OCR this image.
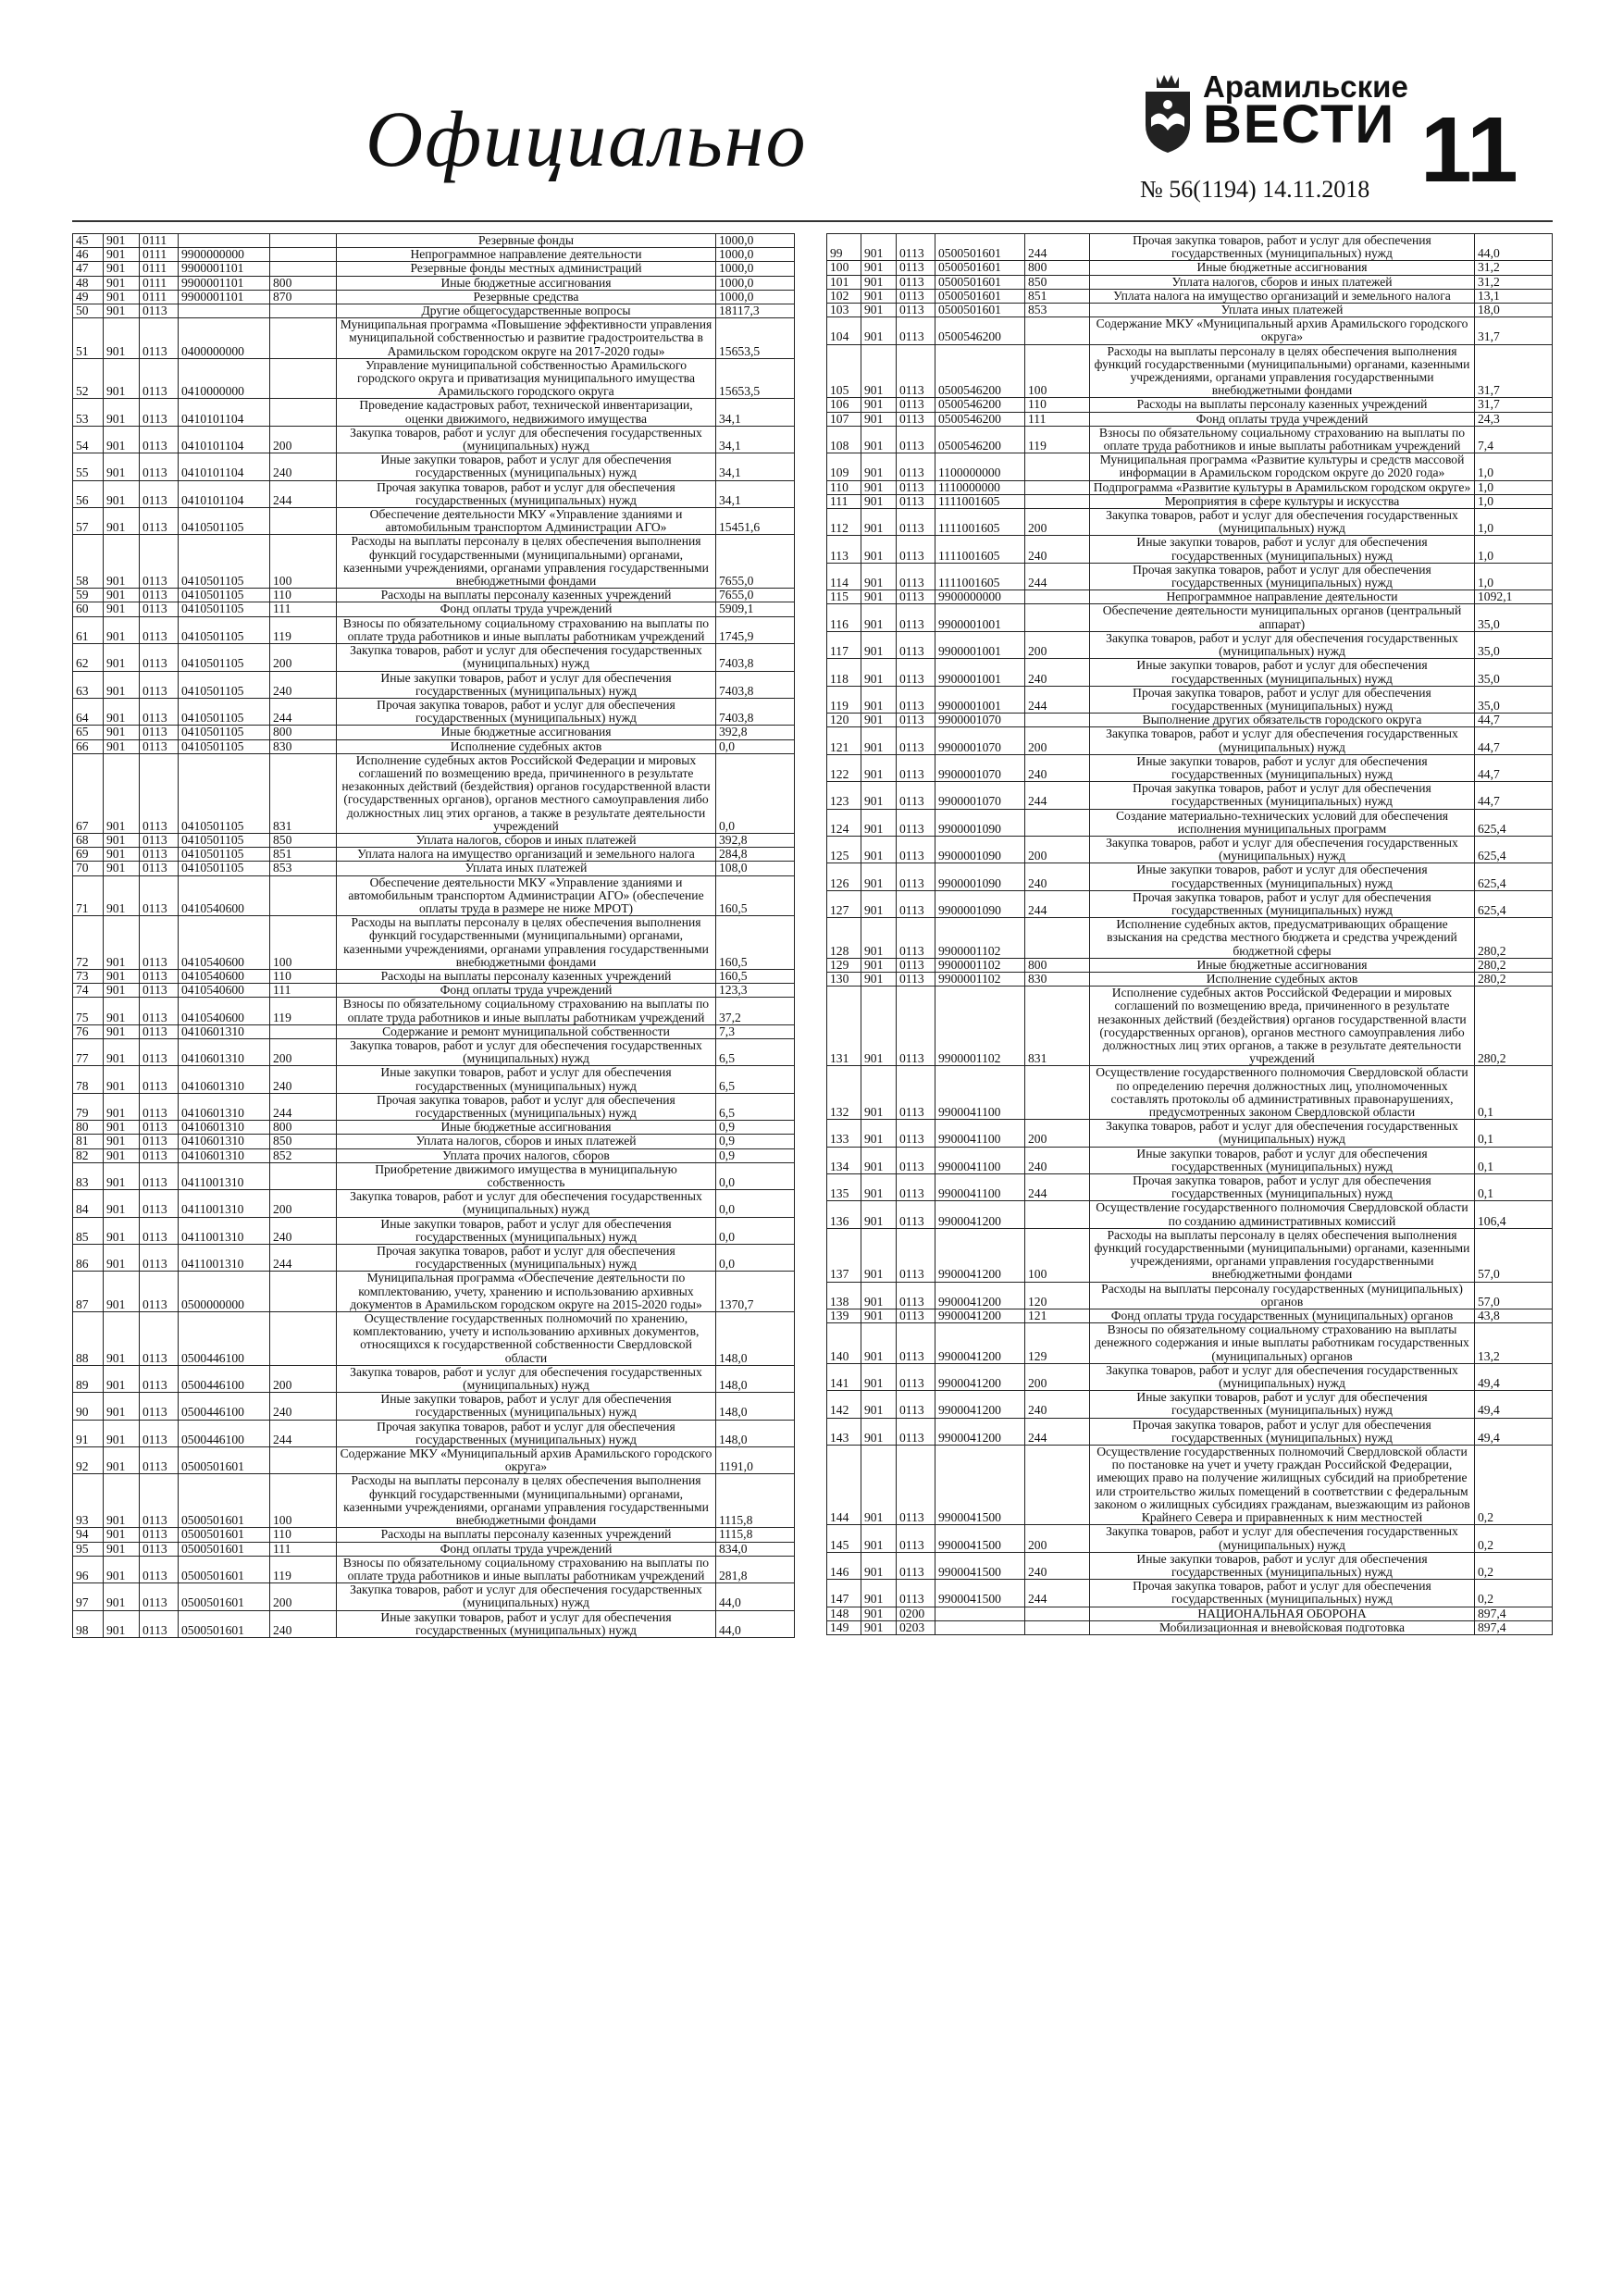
Официально
Арамильские
ВЕСТИ
№ 56(1194) 14.11.2018 11
45	901	0111			Резервные фонды	1000,0
46	901	0111	9900000000		Непрограммное направление деятельности	1000,0
47	901	0111	9900001101		Резервные фонды местных администраций	1000,0
48	901	0111	9900001101	800	Иные бюджетные ассигнования	1000,0
49	901	0111	9900001101	870	Резервные средства	1000,0
50	901	0113			Другие общегосударственные вопросы	18117,3
51	901	0113	0400000000		Муниципальная программа «Повышение эффективности управления муниципальной собственностью и развитие градостроительства в Арамильском городском округе на 2017-2020 годы»	15653,5
52	901	0113	0410000000		Управление муниципальной собственностью Арамильского городского округа и приватизация муниципального имущества Арамильского городского округа	15653,5
53	901	0113	0410101104		Проведение кадастровых работ, технической инвентаризации, оценки движимого, недвижимого имущества	34,1
54	901	0113	0410101104	200	Закупка товаров, работ и услуг для обеспечения государственных (муниципальных) нужд	34,1
55	901	0113	0410101104	240	Иные закупки товаров, работ и услуг для обеспечения государственных (муниципальных) нужд	34,1
56	901	0113	0410101104	244	Прочая закупка товаров, работ и услуг для обеспечения государственных (муниципальных) нужд	34,1
57	901	0113	0410501105		Обеспечение деятельности МКУ «Управление зданиями и автомобильным транспортом Администрации АГО»	15451,6
58	901	0113	0410501105	100	Расходы на выплаты персоналу в целях обеспечения выполнения функций государственными (муниципальными) органами, казенными учреждениями, органами управления государственными внебюджетными фондами	7655,0
59	901	0113	0410501105	110	Расходы на выплаты персоналу казенных учреждений	7655,0
60	901	0113	0410501105	111	Фонд оплаты труда учреждений	5909,1
61	901	0113	0410501105	119	Взносы по обязательному социальному страхованию на выплаты по оплате труда работников и иные выплаты работникам учреждений	1745,9
62	901	0113	0410501105	200	Закупка товаров, работ и услуг для обеспечения государственных (муниципальных) нужд	7403,8
63	901	0113	0410501105	240	Иные закупки товаров, работ и услуг для обеспечения государственных (муниципальных) нужд	7403,8
64	901	0113	0410501105	244	Прочая закупка товаров, работ и услуг для обеспечения государственных (муниципальных) нужд	7403,8
65	901	0113	0410501105	800	Иные бюджетные ассигнования	392,8
66	901	0113	0410501105	830	Исполнение судебных актов	0,0
67	901	0113	0410501105	831	Исполнение судебных актов Российской Федерации и мировых соглашений по возмещению вреда, причиненного в результате незаконных действий (бездействия) органов государственной власти (государственных органов), органов местного самоуправления либо должностных лиц этих органов, а также в результате деятельности учреждений	0,0
68	901	0113	0410501105	850	Уплата налогов, сборов и иных платежей	392,8
69	901	0113	0410501105	851	Уплата налога на имущество организаций и земельного налога	284,8
70	901	0113	0410501105	853	Уплата иных платежей	108,0
71	901	0113	0410540600		Обеспечение деятельности МКУ «Управление зданиями и автомобильным транспортом Администрации АГО» (обеспечение оплаты труда в размере не ниже МРОТ)	160,5
72	901	0113	0410540600	100	Расходы на выплаты персоналу в целях обеспечения выполнения функций государственными (муниципальными) органами, казенными учреждениями, органами управления государственными внебюджетными фондами	160,5
73	901	0113	0410540600	110	Расходы на выплаты персоналу казенных учреждений	160,5
74	901	0113	0410540600	111	Фонд оплаты труда учреждений	123,3
75	901	0113	0410540600	119	Взносы по обязательному социальному страхованию на выплаты по оплате труда работников и иные выплаты работникам учреждений	37,2
76	901	0113	0410601310		Содержание и ремонт муниципальной собственности	7,3
77	901	0113	0410601310	200	Закупка товаров, работ и услуг для обеспечения государственных (муниципальных) нужд	6,5
78	901	0113	0410601310	240	Иные закупки товаров, работ и услуг для обеспечения государственных (муниципальных) нужд	6,5
79	901	0113	0410601310	244	Прочая закупка товаров, работ и услуг для обеспечения государственных (муниципальных) нужд	6,5
80	901	0113	0410601310	800	Иные бюджетные ассигнования	0,9
81	901	0113	0410601310	850	Уплата налогов, сборов и иных платежей	0,9
82	901	0113	0410601310	852	Уплата прочих налогов, сборов	0,9
83	901	0113	0411001310		Приобретение движимого имущества в муниципальную собственность	0,0
84	901	0113	0411001310	200	Закупка товаров, работ и услуг для обеспечения государственных (муниципальных) нужд	0,0
85	901	0113	0411001310	240	Иные закупки товаров, работ и услуг для обеспечения государственных (муниципальных) нужд	0,0
86	901	0113	0411001310	244	Прочая закупка товаров, работ и услуг для обеспечения государственных (муниципальных) нужд	0,0
87	901	0113	0500000000		Муниципальная программа «Обеспечение деятельности по комплектованию, учету, хранению и использованию архивных документов в Арамильском городском округе на 2015-2020 годы»	1370,7
88	901	0113	0500446100		Осуществление государственных полномочий по хранению, комплектованию, учету и использованию архивных документов, относящихся к государственной собственности Свердловской области	148,0
89	901	0113	0500446100	200	Закупка товаров, работ и услуг для обеспечения государственных (муниципальных) нужд	148,0
90	901	0113	0500446100	240	Иные закупки товаров, работ и услуг для обеспечения государственных (муниципальных) нужд	148,0
91	901	0113	0500446100	244	Прочая закупка товаров, работ и услуг для обеспечения государственных (муниципальных) нужд	148,0
92	901	0113	0500501601		Содержание МКУ «Муниципальный архив Арамильского городского округа»	1191,0
93	901	0113	0500501601	100	Расходы на выплаты персоналу в целях обеспечения выполнения функций государственными (муниципальными) органами, казенными учреждениями, органами управления государственными внебюджетными фондами	1115,8
94	901	0113	0500501601	110	Расходы на выплаты персоналу казенных учреждений	1115,8
95	901	0113	0500501601	111	Фонд оплаты труда учреждений	834,0
96	901	0113	0500501601	119	Взносы по обязательному социальному страхованию на выплаты по оплате труда работников и иные выплаты работникам учреждений	281,8
97	901	0113	0500501601	200	Закупка товаров, работ и услуг для обеспечения государственных (муниципальных) нужд	44,0
98	901	0113	0500501601	240	Иные закупки товаров, работ и услуг для обеспечения государственных (муниципальных) нужд	44,0
99	901	0113	0500501601	244	Прочая закупка товаров, работ и услуг для обеспечения государственных (муниципальных) нужд	44,0
100	901	0113	0500501601	800	Иные бюджетные ассигнования	31,2
101	901	0113	0500501601	850	Уплата налогов, сборов и иных платежей	31,2
102	901	0113	0500501601	851	Уплата налога на имущество организаций и земельного налога	13,1
103	901	0113	0500501601	853	Уплата иных платежей	18,0
104	901	0113	0500546200		Содержание МКУ «Муниципальный архив Арамильского городского округа»	31,7
105	901	0113	0500546200	100	Расходы на выплаты персоналу в целях обеспечения выполнения функций государственными (муниципальными) органами, казенными учреждениями, органами управления государственными внебюджетными фондами	31,7
106	901	0113	0500546200	110	Расходы на выплаты персоналу казенных учреждений	31,7
107	901	0113	0500546200	111	Фонд оплаты труда учреждений	24,3
108	901	0113	0500546200	119	Взносы по обязательному социальному страхованию на выплаты по оплате труда работников и иные выплаты работникам учреждений	7,4
109	901	0113	1100000000		Муниципальная программа «Развитие культуры и средств массовой информации в Арамильском городском округе до 2020 года»	1,0
110	901	0113	1110000000		Подпрограмма «Развитие культуры в Арамильском городском округе»	1,0
111	901	0113	1111001605		Мероприятия в сфере культуры и искусства	1,0
112	901	0113	1111001605	200	Закупка товаров, работ и услуг для обеспечения государственных (муниципальных) нужд	1,0
113	901	0113	1111001605	240	Иные закупки товаров, работ и услуг для обеспечения государственных (муниципальных) нужд	1,0
114	901	0113	1111001605	244	Прочая закупка товаров, работ и услуг для обеспечения государственных (муниципальных) нужд	1,0
115	901	0113	9900000000		Непрограммное направление деятельности	1092,1
116	901	0113	9900001001		Обеспечение деятельности муниципальных органов (центральный аппарат)	35,0
117	901	0113	9900001001	200	Закупка товаров, работ и услуг для обеспечения государственных (муниципальных) нужд	35,0
118	901	0113	9900001001	240	Иные закупки товаров, работ и услуг для обеспечения государственных (муниципальных) нужд	35,0
119	901	0113	9900001001	244	Прочая закупка товаров, работ и услуг для обеспечения государственных (муниципальных) нужд	35,0
120	901	0113	9900001070		Выполнение других обязательств городского округа	44,7
121	901	0113	9900001070	200	Закупка товаров, работ и услуг для обеспечения государственных (муниципальных) нужд	44,7
122	901	0113	9900001070	240	Иные закупки товаров, работ и услуг для обеспечения государственных (муниципальных) нужд	44,7
123	901	0113	9900001070	244	Прочая закупка товаров, работ и услуг для обеспечения государственных (муниципальных) нужд	44,7
124	901	0113	9900001090		Создание материально-технических условий для обеспечения исполнения муниципальных программ	625,4
125	901	0113	9900001090	200	Закупка товаров, работ и услуг для обеспечения государственных (муниципальных) нужд	625,4
126	901	0113	9900001090	240	Иные закупки товаров, работ и услуг для обеспечения государственных (муниципальных) нужд	625,4
127	901	0113	9900001090	244	Прочая закупка товаров, работ и услуг для обеспечения государственных (муниципальных) нужд	625,4
128	901	0113	9900001102		Исполнение судебных актов, предусматривающих обращение взыскания на средства местного бюджета и средства учреждений бюджетной сферы	280,2
129	901	0113	9900001102	800	Иные бюджетные ассигнования	280,2
130	901	0113	9900001102	830	Исполнение судебных актов	280,2
131	901	0113	9900001102	831	Исполнение судебных актов Российской Федерации и мировых соглашений по возмещению вреда, причиненного в результате незаконных действий (бездействия) органов государственной власти (государственных органов), органов местного самоуправления либо должностных лиц этих органов, а также в результате деятельности учреждений	280,2
132	901	0113	9900041100		Осуществление государственного полномочия Свердловской области по определению перечня должностных лиц, уполномоченных составлять протоколы об административных правонарушениях, предусмотренных законом Свердловской области	0,1
133	901	0113	9900041100	200	Закупка товаров, работ и услуг для обеспечения государственных (муниципальных) нужд	0,1
134	901	0113	9900041100	240	Иные закупки товаров, работ и услуг для обеспечения государственных (муниципальных) нужд	0,1
135	901	0113	9900041100	244	Прочая закупка товаров, работ и услуг для обеспечения государственных (муниципальных) нужд	0,1
136	901	0113	9900041200		Осуществление государственного полномочия Свердловской области по созданию административных комиссий	106,4
137	901	0113	9900041200	100	Расходы на выплаты персоналу в целях обеспечения выполнения функций государственными (муниципальными) органами, казенными учреждениями, органами управления государственными внебюджетными фондами	57,0
138	901	0113	9900041200	120	Расходы на выплаты персоналу государственных (муниципальных) органов	57,0
139	901	0113	9900041200	121	Фонд оплаты труда государственных (муниципальных) органов	43,8
140	901	0113	9900041200	129	Взносы по обязательному социальному страхованию на выплаты денежного содержания и иные выплаты работникам государственных (муниципальных) органов	13,2
141	901	0113	9900041200	200	Закупка товаров, работ и услуг для обеспечения государственных (муниципальных) нужд	49,4
142	901	0113	9900041200	240	Иные закупки товаров, работ и услуг для обеспечения государственных (муниципальных) нужд	49,4
143	901	0113	9900041200	244	Прочая закупка товаров, работ и услуг для обеспечения государственных (муниципальных) нужд	49,4
144	901	0113	9900041500		Осуществление государственных полномочий Свердловской области по постановке на учет и учету граждан Российской Федерации, имеющих право на получение жилищных субсидий на приобретение или строительство жилых помещений в соответствии с федеральным законом о жилищных субсидиях гражданам, выезжающим из районов Крайнего Севера и приравненных к ним местностей	0,2
145	901	0113	9900041500	200	Закупка товаров, работ и услуг для обеспечения государственных (муниципальных) нужд	0,2
146	901	0113	9900041500	240	Иные закупки товаров, работ и услуг для обеспечения государственных (муниципальных) нужд	0,2
147	901	0113	9900041500	244	Прочая закупка товаров, работ и услуг для обеспечения государственных (муниципальных) нужд	0,2
148	901	0200			НАЦИОНАЛЬНАЯ ОБОРОНА	897,4
149	901	0203			Мобилизационная и вневойсковая подготовка	897,4
